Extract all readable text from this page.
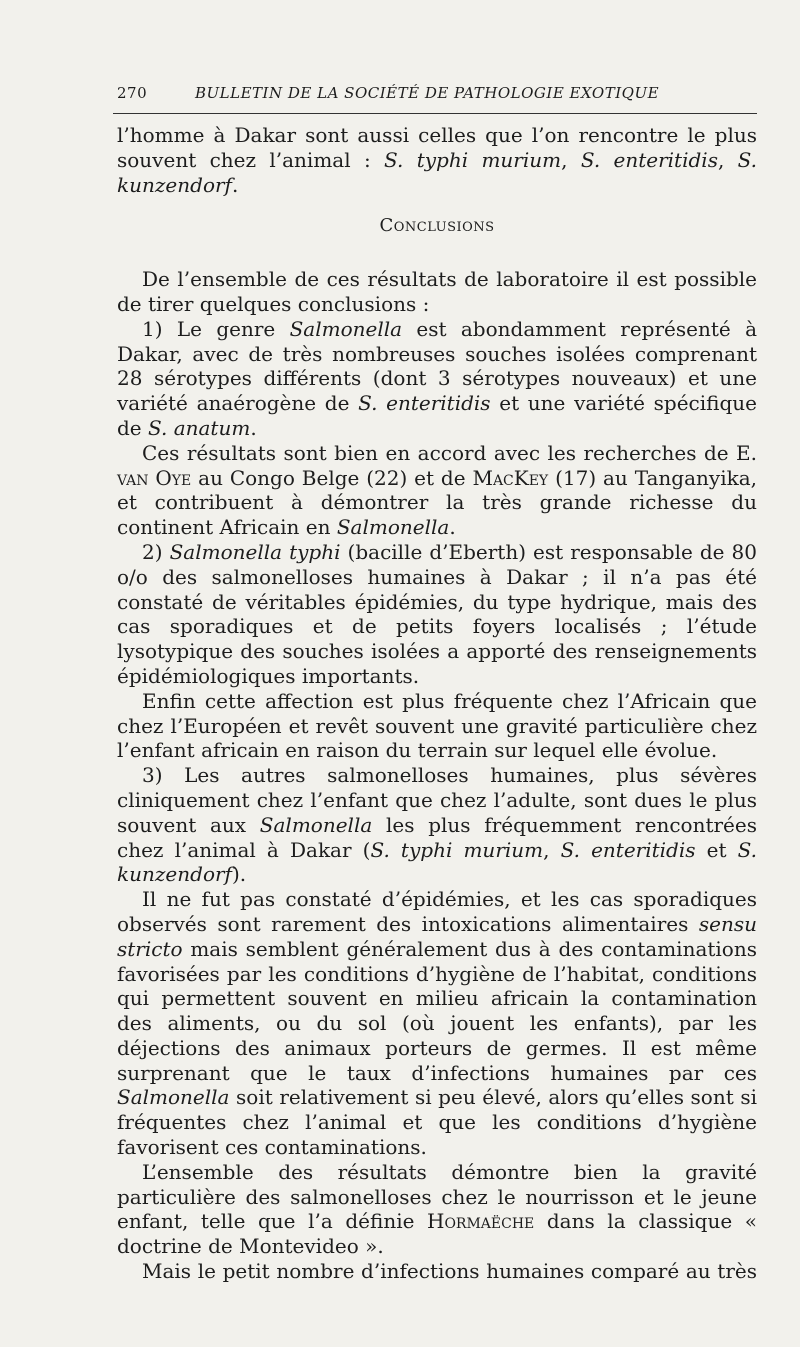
270	BULLETIN DE LA SOCIÉTÉ DE PATHOLOGIE EXOTIQUE

l’homme à Dakar sont aussi celles que l’on rencontre le plus souvent chez l’animal : S. typhi murium, S. enteritidis, S. kunzendorf.

Conclusions

De l’ensemble de ces résultats de laboratoire il est possible de tirer quelques conclusions :

1) Le genre Salmonella est abondamment représenté à Dakar, avec de très nombreuses souches isolées comprenant 28 sérotypes différents (dont 3 sérotypes nouveaux) et une variété anaérogène de S. enteritidis et une variété spécifique de S. anatum.

Ces résultats sont bien en accord avec les recherches de E. van Oye au Congo Belge (22) et de MacKey (17) au Tanganyika, et contribuent à démontrer la très grande richesse du continent Africain en Salmonella.

2) Salmonella typhi (bacille d’Eberth) est responsable de 80 o/o des salmonelloses humaines à Dakar ; il n’a pas été constaté de véritables épidémies, du type hydrique, mais des cas sporadiques et de petits foyers localisés ; l’étude lysotypique des souches isolées a apporté des renseignements épidémiologiques importants.

Enfin cette affection est plus fréquente chez l’Africain que chez l’Européen et revêt souvent une gravité particulière chez l’enfant africain en raison du terrain sur lequel elle évolue.

3) Les autres salmonelloses humaines, plus sévères cliniquement chez l’enfant que chez l’adulte, sont dues le plus souvent aux Salmonella les plus fréquemment rencontrées chez l’animal à Dakar (S. typhi murium, S. enteritidis et S. kunzendorf).

Il ne fut pas constaté d’épidémies, et les cas sporadiques observés sont rarement des intoxications alimentaires sensu stricto mais semblent généralement dus à des contaminations favorisées par les conditions d’hygiène de l’habitat, conditions qui permettent souvent en milieu africain la contamination des aliments, ou du sol (où jouent les enfants), par les déjections des animaux porteurs de germes. Il est même surprenant que le taux d’infections humaines par ces Salmonella soit relativement si peu élevé, alors qu’elles sont si fréquentes chez l’animal et que les conditions d’hygiène favorisent ces contaminations.

L’ensemble des résultats démontre bien la gravité particulière des salmonelloses chez le nourrisson et le jeune enfant, telle que l’a définie Hormaëche dans la classique « doctrine de Montevideo ».

Mais le petit nombre d’infections humaines comparé au très
